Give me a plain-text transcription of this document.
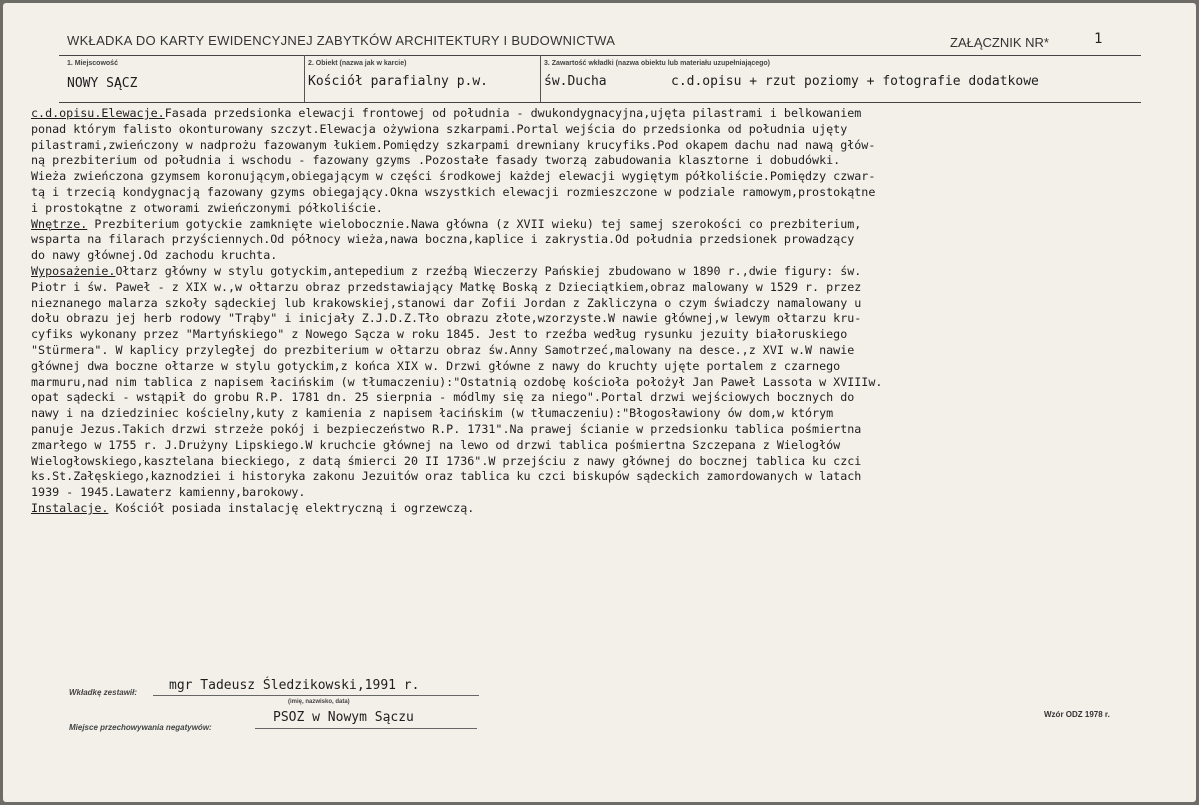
WKŁADKA DO KARTY EWIDENCYJNEJ ZABYTKÓW ARCHITEKTURY I BUDOWNICTWA	ZAŁĄCZNIK NR*	1
1. Miejscowość
NOWY SĄCZ
2. Obiekt (nazwa jak w karcie)
Kościół parafialny p.w.
3. Zawartość wkładki (nazwa obiektu lub materiału uzupełniającego)
św.Ducha	c.d.opisu + rzut poziomy + fotografie dodatkowe
c.d.opisu.Elewacje.Fasada przedsionka elewacji frontowej od południa - dwukondygnacyjna,ujęta pilastrami i belkowaniem
ponad którym falisto okonturowany szczyt.Elewacja ożywiona szkarpami.Portal wejścia do przedsionka od południa ujęty
pilastrami,zwieńczony w nadprożu fazowanym łukiem.Pomiędzy szkarpami drewniany krucyfiks.Pod okapem dachu nad nawą głów-
ną prezbiterium od południa i wschodu - fazowany gzyms .Pozostałe fasady tworzą zabudowania klasztorne i dobudówki.
Wieża zwieńczona gzymsem koronującym,obiegającym w części środkowej każdej elewacji wygiętym półkoliście.Pomiędzy czwar-
tą i trzecią kondygnacją fazowany gzyms obiegający.Okna wszystkich elewacji rozmieszczone w podziale ramowym,prostokątne
i prostokątne z otworami zwieńczonymi półkoliście.
Wnętrze. Prezbiterium gotyckie zamknięte wielobocznie.Nawa główna (z XVII wieku) tej samej szerokości co prezbiterium,
wsparta na filarach przyściennych.Od północy wieża,nawa boczna,kaplice i zakrystia.Od południa przedsionek prowadzący
do nawy głównej.Od zachodu kruchta.
Wyposażenie.Ołtarz główny w stylu gotyckim,antepedium z rzeźbą Wieczerzy Pańskiej zbudowano w 1890 r.,dwie figury: św.
Piotr i św. Paweł - z XIX w.,w ołtarzu obraz przedstawiający Matkę Boską z Dzieciątkiem,obraz malowany w 1529 r. przez
nieznanego malarza szkoły sądeckiej lub krakowskiej,stanowi dar Zofii Jordan z Zakliczyna o czym świadczy namalowany u
dołu obrazu jej herb rodowy "Trąby" i inicjały Z.J.D.Z.Tło obrazu złote,wzorzyste.W nawie głównej,w lewym ołtarzu kru-
cyfiks wykonany przez "Martyńskiego" z Nowego Sącza w roku 1845. Jest to rzeźba według rysunku jezuity białoruskiego
"Stürmera". W kaplicy przyległej do prezbiterium w ołtarzu obraz św.Anny Samotrzeć,malowany na desce.,z XVI w.W nawie
głównej dwa boczne ołtarze w stylu gotyckim,z końca XIX w. Drzwi główne z nawy do kruchty ujęte portalem z czarnego
marmuru,nad nim tablica z napisem łacińskim (w tłumaczeniu):"Ostatnią ozdobę kościoła położył Jan Paweł Lassota w XVIIIw.
opat sądecki - wstąpił do grobu R.P. 1781 dn. 25 sierpnia - módlmy się za niego".Portal drzwi wejściowych bocznych do
nawy i na dziedziniec kościelny,kuty z kamienia z napisem łacińskim (w tłumaczeniu):"Błogosławiony ów dom,w którym
panuje Jezus.Takich drzwi strzeże pokój i bezpieczeństwo R.P. 1731".Na prawej ścianie w przedsionku tablica pośmiertna
zmarłego w 1755 r. J.Drużyny Lipskiego.W kruchcie głównej na lewo od drzwi tablica pośmiertna Szczepana z Wielogłów
Wielogłowskiego,kasztelana bieckiego, z datą śmierci 20 II 1736".W przejściu z nawy głównej do bocznej tablica ku czci
ks.St.Załęskiego,kaznodziei i historyka zakonu Jezuitów oraz tablica ku czci biskupów sądeckich zamordowanych w latach
1939 - 1945.Lawaterz kamienny,barokowy.
Instalacje. Kościół posiada instalację elektryczną i ogrzewczą.
Wkładkę zestawił: mgr Tadeusz Śledzikowski,1991 r.
(imię, nazwisko, data)
Miejsce przechowywania negatywów:
PSOZ w Nowym Sączu	Wzór ODZ 1978 r.
